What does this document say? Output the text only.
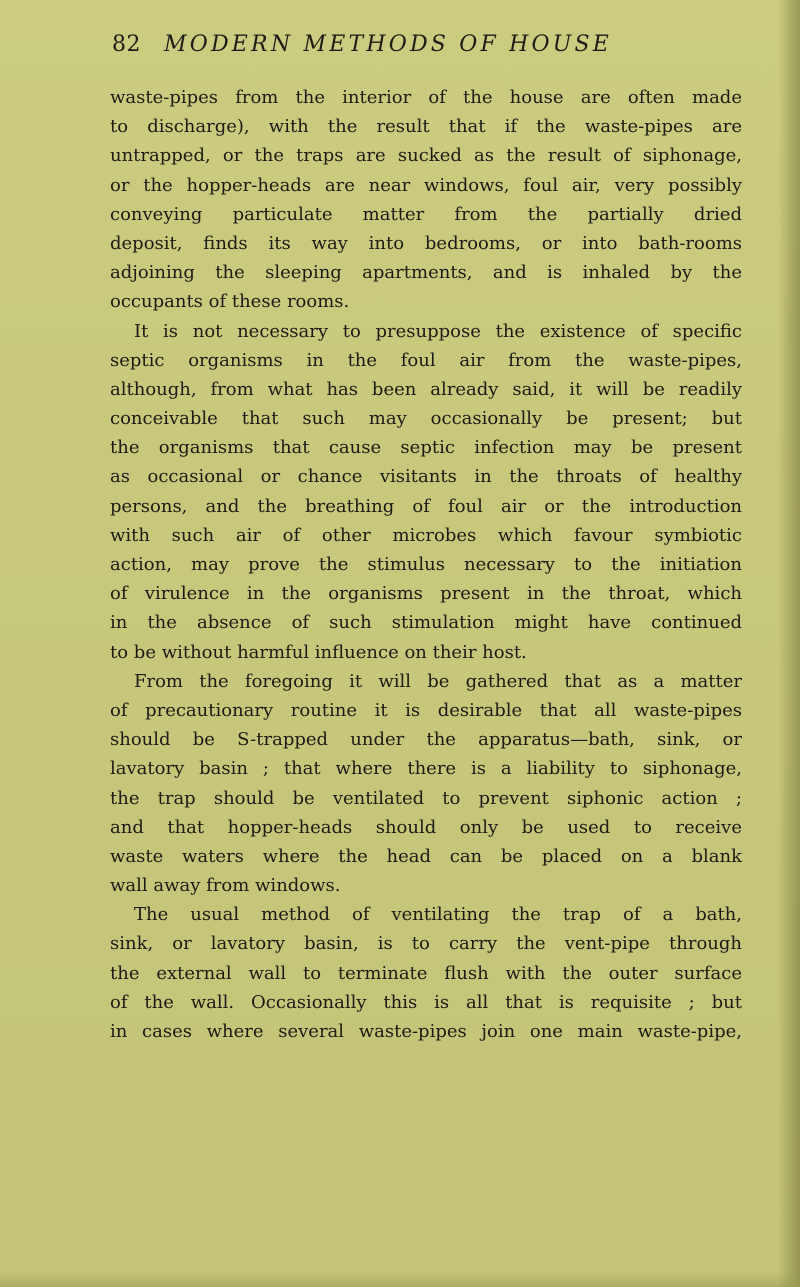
82 MODERN METHODS OF HOUSE
waste-pipes from the interior of the house are often made
to discharge), with the result that if the waste-pipes are
untrapped, or the traps are sucked as the result of siphonage,
or the hopper-heads are near windows, foul air, very possibly
conveying particulate matter from the partially dried
deposit, finds its way into bedrooms, or into bath-rooms
adjoining the sleeping apartments, and is inhaled by the
occupants of these rooms.
It is not necessary to presuppose the existence of specific
septic organisms in the foul air from the waste-pipes,
although, from what has been already said, it will be readily
conceivable that such may occasionally be present; but
the organisms that cause septic infection may be present
as occasional or chance visitants in the throats of healthy
persons, and the breathing of foul air or the introduction
with such air of other microbes which favour symbiotic
action, may prove the stimulus necessary to the initiation
of virulence in the organisms present in the throat, which
in the absence of such stimulation might have continued
to be without harmful influence on their host.
From the foregoing it will be gathered that as a matter
of precautionary routine it is desirable that all waste-pipes
should be S-trapped under the apparatus—bath, sink, or
lavatory basin ; that where there is a liability to siphonage,
the trap should be ventilated to prevent siphonic action ;
and that hopper-heads should only be used to receive
waste waters where the head can be placed on a blank
wall away from windows.
The usual method of ventilating the trap of a bath,
sink, or lavatory basin, is to carry the vent-pipe through
the external wall to terminate flush with the outer surface
of the wall. Occasionally this is all that is requisite ; but
in cases where several waste-pipes join one main waste-pipe,
